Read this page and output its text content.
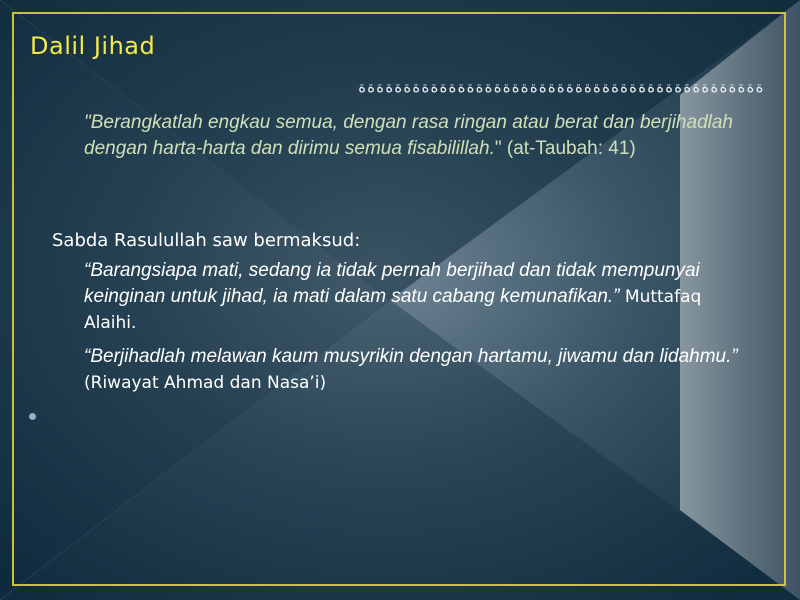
Dalil Jihad
ةةةةةةةةةةةةةةةةةةةةةةةةةةةةةةةةةةةةةةةةةةةةة
"Berangkatlah engkau semua, dengan rasa ringan atau berat dan berjihadlah dengan harta-harta dan dirimu semua fisabilillah." (at-Taubah: 41)
Sabda Rasulullah saw bermaksud:
“Barangsiapa mati, sedang ia tidak pernah berjihad dan tidak mempunyai keinginan untuk jihad, ia mati dalam satu cabang kemunafikan.” Muttafaq Alaihi.
“Berjihadlah melawan kaum musyrikin dengan hartamu, jiwamu dan lidahmu.” (Riwayat Ahmad dan Nasa’i)
